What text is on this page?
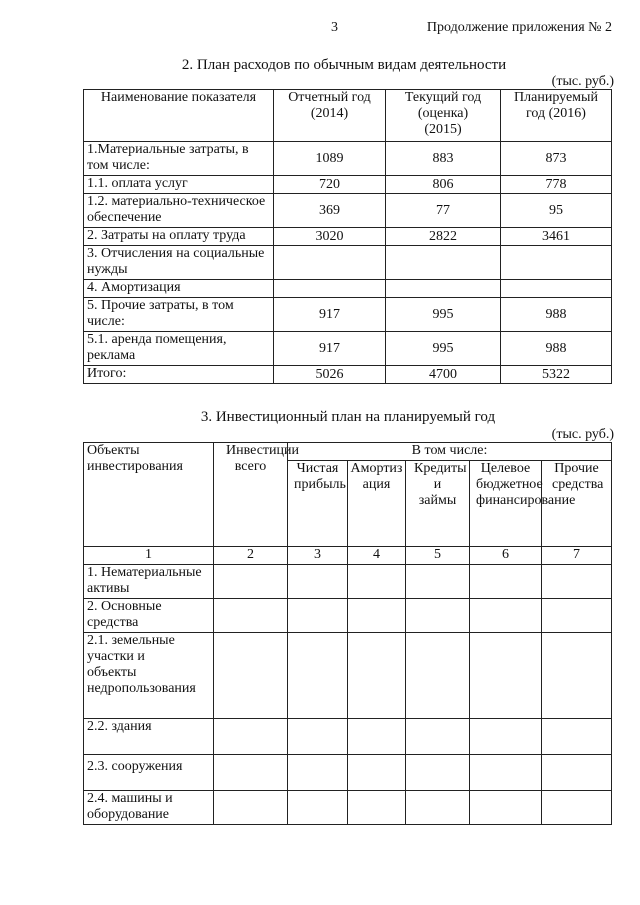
3	Продолжение приложения № 2
2. План расходов по обычным видам деятельности
(тыс. руб.)
Наименование показателя	Отчетный год (2014)	Текущий год (оценка) (2015)	Планируемый год (2016)
1.Материальные затраты, в том числе:	1089	883	873
1.1. оплата услуг	720	806	778
1.2. материально-техническое обеспечение	369	77	95
2. Затраты на оплату труда	3020	2822	3461
3. Отчисления на социальные нужды			
4. Амортизация			
5. Прочие затраты, в том числе:	917	995	988
5.1. аренда помещения, реклама	917	995	988
Итого:	5026	4700	5322
3. Инвестиционный план на планируемый год
(тыс. руб.)
Объекты инвестирования	Инвестиции всего	В том числе:				
		Чистая прибыль	Амортизация	Кредиты и займы	Целевое бюджетное финансирование	Прочие средства
1	2	3	4	5	6	7
1. Нематериальные активы						
2. Основные средства						
2.1. земельные участки и объекты недропользования						
2.2. здания						
2.3. сооружения						
2.4. машины и оборудование						
